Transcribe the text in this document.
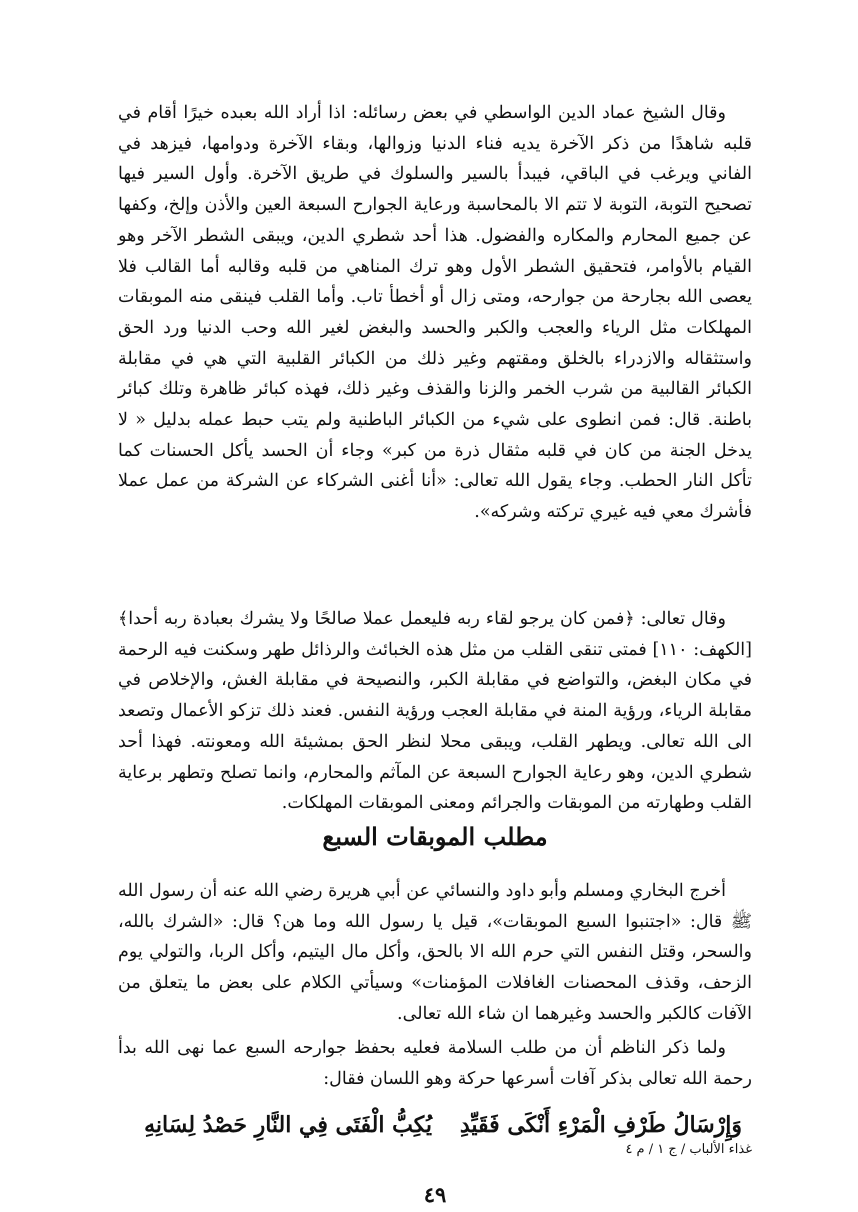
وقال الشيخ عماد الدين الواسطي في بعض رسائله: اذا أراد الله بعبده خيرًا أقام في قلبه شاهدًا من ذكر الآخرة يديه فناء الدنيا وزوالها، وبقاء الآخرة ودوامها، فيزهد في الفاني ويرغب في الباقي، فيبدأ بالسير والسلوك في طريق الآخرة. وأول السير فيها تصحيح التوبة، التوبة لا تتم الا بالمحاسبة ورعاية الجوارح السبعة العين والأذن وإلخ، وكفها عن جميع المحارم والمكاره والفضول. هذا أحد شطري الدين، ويبقى الشطر الآخر وهو القيام بالأوامر، فتحقيق الشطر الأول وهو ترك المناهي من قلبه وقالبه أما القالب فلا يعصى الله بجارحة من جوارحه، ومتى زال أو أخطأ تاب. وأما القلب فينقى منه الموبقات المهلكات مثل الرياء والعجب والكبر والحسد والبغض لغير الله وحب الدنيا ورد الحق واستثقاله والازدراء بالخلق ومقتهم وغير ذلك من الكبائر القلبية التي هي في مقابلة الكبائر القالبية من شرب الخمر والزنا والقذف وغير ذلك، فهذه كبائر ظاهرة وتلك كبائر باطنة. قال: فمن انطوى على شيء من الكبائر الباطنية ولم يتب حبط عمله بدليل « لا يدخل الجنة من كان في قلبه مثقال ذرة من كبر» وجاء أن الحسد يأكل الحسنات كما تأكل النار الحطب. وجاء يقول الله تعالى: «أنا أغنى الشركاء عن الشركة من عمل عملا فأشرك معي فيه غيري تركته وشركه».

وقال تعالى: ﴿فمن كان يرجو لقاء ربه فليعمل عملا صالحًا ولا يشرك بعبادة ربه أحدا﴾ [الكهف: ١١٠] فمتى تنقى القلب من مثل هذه الخبائث والرذائل طهر وسكنت فيه الرحمة في مكان البغض، والتواضع في مقابلة الكبر، والنصيحة في مقابلة الغش، والإخلاص في مقابلة الرياء، ورؤية المنة في مقابلة العجب ورؤية النفس. فعند ذلك تزكو الأعمال وتصعد الى الله تعالى. ويطهر القلب، ويبقى محلا لنظر الحق بمشيئة الله ومعونته. فهذا أحد شطري الدين، وهو رعاية الجوارح السبعة عن المآثم والمحارم، وانما تصلح وتطهر برعاية القلب وطهارته من الموبقات والجرائم ومعنى الموبقات المهلكات.

مطلب الموبقات السبع

أخرج البخاري ومسلم وأبو داود والنسائي عن أبي هريرة رضي الله عنه أن رسول الله ﷺ قال: «اجتنبوا السبع الموبقات»، قيل يا رسول الله وما هن؟ قال: «الشرك بالله، والسحر، وقتل النفس التي حرم الله الا بالحق، وأكل مال اليتيم، وأكل الربا، والتولي يوم الزحف، وقذف المحصنات الغافلات المؤمنات» وسيأتي الكلام على بعض ما يتعلق من الآفات كالكبر والحسد وغيرهما ان شاء الله تعالى.

ولما ذكر الناظم أن من طلب السلامة فعليه بحفظ جوارحه السبع عما نهى الله بدأ رحمة الله تعالى بذكر آفات أسرعها حركة وهو اللسان فقال:

يُكِبُّ الْفَتَى فِي النَّارِ حَصْدُ لِسَانِهِ وَإِرْسَالُ طَرْفِ الْمَرْءِ أَنْكَى فَقَيِّدِ
غذاء الألباب / ج ١ / م ٤
٤٩
